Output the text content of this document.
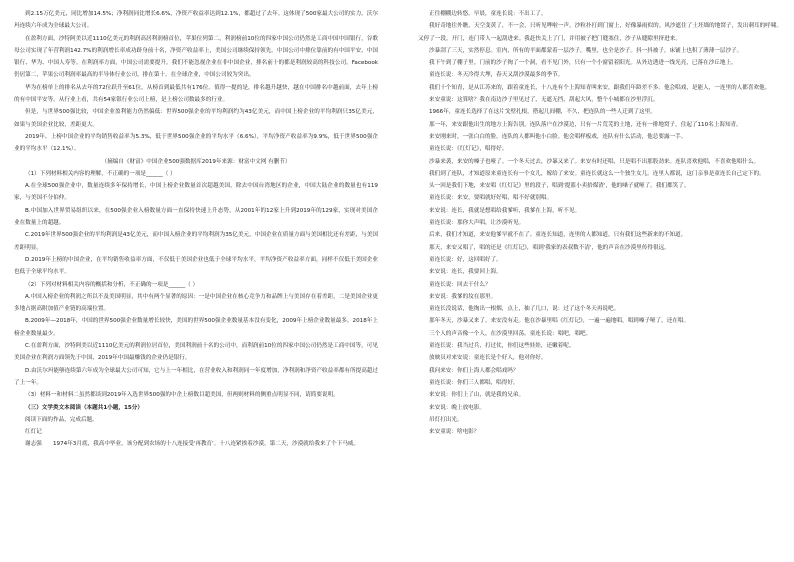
到2.15万亿美元，同比增加14.5%；净利润同比增长6.6%，净资产收益率达到12.1%，都超过了去年。这体现了500家最大公司的实力。沃尔玛连续六年成为全球最大公司。

在盈利方面，沙特阿美以近1110亿美元的利润高居利润榜首位，苹果位列第二，利润榜前10位的四家中国公司仍然是工商中国中国银行，谷歌母公司实现了年营利润142.7%的利润增长率成功跻身前十名，净资产收益率上，美国公司继续保持领先。中国公司中排位靠前的有中国平安、中国银行、华为、中国人寿等。在利润率方面，中国公司需要提升。我们不能忽视企业在非中国企业，排名前十的都是利润较高的科技公司。Facebook仍居第二，苹果公司利润率最高的半导体行业公司，排在第十。在全球企业，中国公司较为突出。

华为在榜单上的排名从去年的72位跃升至61位，从榜首到最低共有176位。值得一提的是，排名越升越快，越在中国排名中越前面，去年上榜的有中国平安等。从行业上看，共有54家银行业公司上榜，是上榜公司数最多的行业。

但是，与世界500强比较，中国企业盈利能力仍然偏低：世界500强企业的平均利润约为43亿美元，而中国上榜企业的平均利润只35亿美元，如果与美国企业比较，差距更大。

2019年，上榜中国企业的平均销售收益率为5.3%，低于世界500强企业的平均水平（6.6%），平均净资产收益率为9.9%，低于世界500强企业的平均水平（12.1%）。

（摘编自《财富》中国企业500强数据库2019年来源：财富中文网 有删节）

（1）下列材料相关内容的理解，不正确的一项是______（ ）

A.在全球500强企业中，数量连续多年保持增长，中国上榜企业数量首次超越美国，除去中国台湾地区的企业，中国大陆企业的数量也有119家，与美国不分伯仲。

B.中国加入世界贸易组织以来，在500强企业入榜数量方面一直保持快速上升态势，从2001年的12家上升到2019年的129家，实现对美国企业在数量上的超越。

C.2019年世界500强企业的平均利润是43亿美元，而中国入榜企业的平均利润为35亿美元，中国企业在质量方面与美国相比还有差距，与美国差距明显。

D.2019年上榜的中国企业，在平均销售收益率方面，不仅低于美国企业也低于全球平均水平，平均净资产收益率方面，同样不仅低于美国企业也低于全球平均水平。

（2）下列对材料相关内容的概括和分析，不正确的一项是______（ ）

A.中国入榜企业的利润之所以不及美国明显，其中有两个显著的原因：一是中国企业在核心竞争力和品牌上与美国存在着差距，二是美国企业更多地占据高附加值产业链的高端位置。

B.2009年—2018年，中国的世界500强企业数量增长较快，美国的世界500强企业数量基本没有变化，2009年上榜企业数量最多，2018年上榜企业数量最少。

C.在盈利方面，沙特阿美以近1110亿美元的利润位居首位，美国利润前十名的公司中，而利润前10位的四家中国公司仍然是工商中国等，可见美国企业在利润方面领先于中国，2019年中国最赚钱的企业仍是银行。

D.由沃尔玛能够连续第六年成为全球最大公司可知，它与上一年相比，在营业收入和利润同一年度增加，净利润和净资产收益率都有所提高超过了上一年。

（3）材料一和材料二虽然都谈到2019年入选世界500强的中企上榜数目超美国，但两则材料的侧重点明显不同，请简要说明。

（三）文学类文本阅读（本题共1小题，15分）

阅读下面的作品，完成后题。

红灯记

谢志强　　1974年3月底，我高中毕业，该分配到农场的十八连接受'再教育'。十八连紧挨着沙漠。第二天，沙漠就给我来了个下马威。

正往棚棚边转悠。早晨，童连长说：不出工了。

我好奇地往外瞧，天空变黄了，不一会，只听见哗啦一声，沙粒扑打到门窗上，好像暴雨似的。风沙遮住了土坯墙的地窝子，发出刺耳的呼啸。又停了一段。开门，连门带人一起刮进来。我赶快关上了门，并用被子把门缝塞住，沙子从缝隙里挤进来。

沙暴刮了三天，实然停息。室内，所有的平面都蒙着一层沙子，嘴里，也全是沙子。抖一抖被子，床铺上也积了薄薄一层沙子。

我下午到了棚子里。门前的沙子掏了一个洞，看不见门外，只有一个小窗留着阳光。从外边透进一线光亮，已落在沙丘地上。

童连长说：冬天冷得大埋，春天又刮沙漠最多的季节。

我们十个知青，是从江苏来的，跟着童连长，十八连有个上海知青叫来安，跟我们年龄差不多。他会唱戏，是能人，一连里的人都喜欢他。

来安童说：这算啥？我在南边沙子里见过了，无遮无挡，刮起大风，整个小城都在沙里浮沉。

1966年，童连长选择了在这片戈壁扎根，搭起几间棚，不久，把连队的一些人迁到了这里。

那一年，来安跟他出生的地方上海告别。连队落户在沙漠边，只有一片荒芜的土地，还有一排地窝子，住起了110名上海知青。

来安刚来时，一张白白的脸，连队的人都叫他小白脸。他会唱样板戏，连队有什么活动，他总要露一手。

童连长说：《红灯记》，唱得好。

沙暴来袭，来安的嗓子也哑了。一个冬天过去，沙暴又来了。来安有时还唱，只是唱不出那股劲来。连队喜欢他唱，不喜欢他唱什么。

我们到了连队，才知道原来童连长有一个女儿，嫁给了来安。童连长就这么一个独生女儿。连里人都说，这门亲事是童连长自己定下的。

头一回是我们下地，来安唱《红灯记》里的段子，唱到'提篮小卖拾煤渣'，他的嗓子就哑了。我们都笑了。

童连长说：来安，要唱就好好唱，唱不好就别唱。

来安说：连长，我就是想唱给我爹听，我爹在上海，听不见。

童连长说：那你大声唱，让沙漠听见。

后来，我们才知道，来安他爹早就不在了。童连长知道，连里的人都知道，只有我们这些新来的不知道。

那天，来安又唱了，唱的还是《红灯记》，唱到'我家的表叔数不清'，他的声音在沙漠里传得很远。

童连长说：好，这回唱好了。

来安说：连长，我要回上海。

童连长说：回去干什么？

来安说：我爹的坟在那里。

童连长没说话，他掏出一根烟，点上，抽了几口，说：过了这个冬天再说吧。

那年冬天，沙暴又来了。来安没有走。他在沙暴里唱《红灯记》，一遍一遍地唱，唱到嗓子哑了，还在唱。

三个人的声音像一个人，在沙漠里回荡。童连长说：唱吧，唱吧。

童连长说：我当过兵，打过仗，你们这些娃娃，还嫩着呢。

放映员对来安说：童连长是个好人，他对你好。

我问来安：你们上海人都会唱戏吗？

童连长说：你们三人都唱，唱得好。

来安说：你们上了山，就是我的兄弟。

来安说：晚上放电影。

吊灯打出光。

来安童说：啥电影？
